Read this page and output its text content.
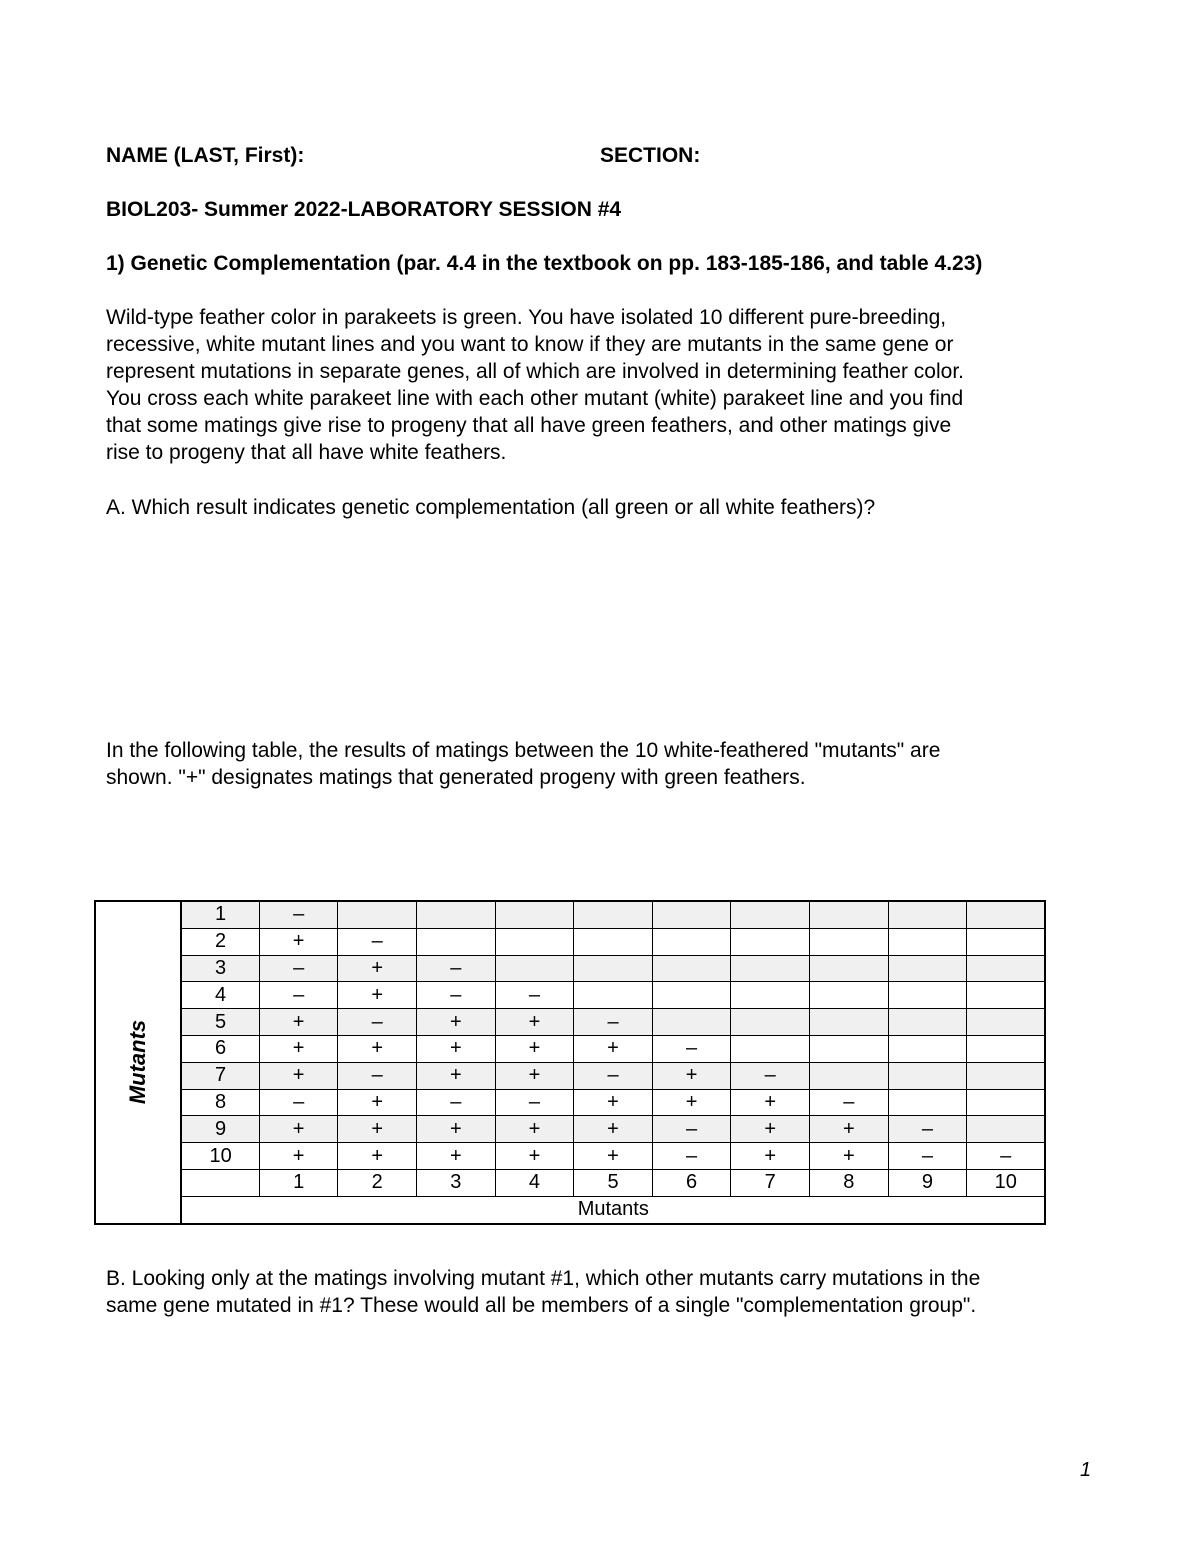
NAME (LAST, First):	SECTION:
BIOL203- Summer 2022-LABORATORY SESSION #4
1) Genetic Complementation (par. 4.4 in the textbook on pp. 183-185-186, and table 4.23)
Wild-type feather color in parakeets is green. You have isolated 10 different pure-breeding,
recessive, white mutant lines and you want to know if they are mutants in the same gene or
represent mutations in separate genes, all of which are involved in determining feather color.
You cross each white parakeet line with each other mutant (white) parakeet line and you find
that some matings give rise to progeny that all have green feathers, and other matings give
rise to progeny that all have white feathers.
A. Which result indicates genetic complementation (all green or all white feathers)?
In the following table, the results of matings between the 10 white-feathered "mutants" are
shown. "+" designates matings that generated progeny with green feathers.
Mutants	1	–									
	2	+	–								
	3	–	+	–							
	4	–	+	–	–						
	5	+	–	+	+	–					
	6	+	+	+	+	+	–				
	7	+	–	+	+	–	+	–			
	8	–	+	–	–	+	+	+	–		
	9	+	+	+	+	+	–	+	+	–	
	10	+	+	+	+	+	–	+	+	–	–
		1	2	3	4	5	6	7	8	9	10
	Mutants										
B. Looking only at the matings involving mutant #1, which other mutants carry mutations in the
same gene mutated in #1? These would all be members of a single "complementation group".
1
